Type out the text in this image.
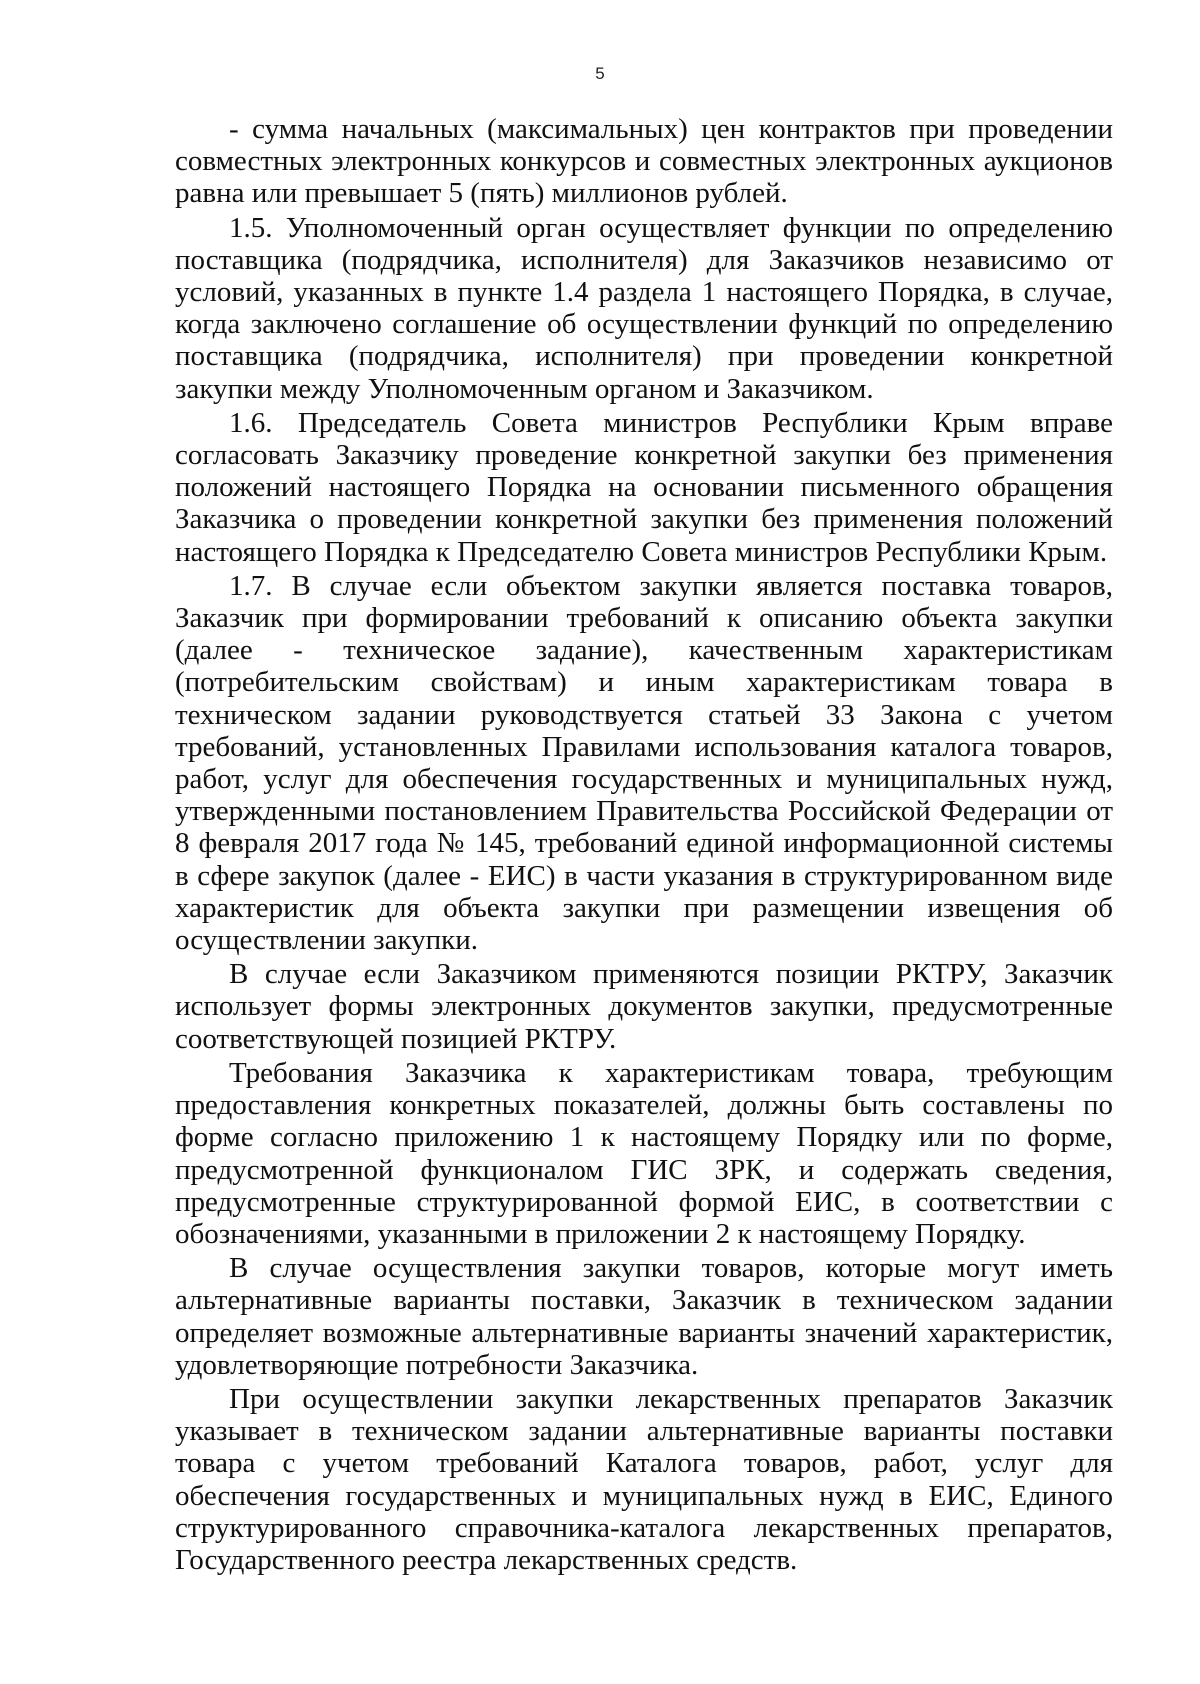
5

- сумма начальных (максимальных) цен контрактов при проведении совместных электронных конкурсов и совместных электронных аукционов равна или превышает 5 (пять) миллионов рублей.

1.5. Уполномоченный орган осуществляет функции по определению поставщика (подрядчика, исполнителя) для Заказчиков независимо от условий, указанных в пункте 1.4 раздела 1 настоящего Порядка, в случае, когда заключено соглашение об осуществлении функций по определению поставщика (подрядчика, исполнителя) при проведении конкретной закупки между Уполномоченным органом и Заказчиком.

1.6. Председатель Совета министров Республики Крым вправе согласовать Заказчику проведение конкретной закупки без применения положений настоящего Порядка на основании письменного обращения Заказчика о проведении конкретной закупки без применения положений настоящего Порядка к Председателю Совета министров Республики Крым.

1.7. В случае если объектом закупки является поставка товаров, Заказчик при формировании требований к описанию объекта закупки (далее - техническое задание), качественным характеристикам (потребительским свойствам) и иным характеристикам товара в техническом задании руководствуется статьей 33 Закона с учетом требований, установленных Правилами использования каталога товаров, работ, услуг для обеспечения государственных и муниципальных нужд, утвержденными постановлением Правительства Российской Федерации от 8 февраля 2017 года № 145, требований единой информационной системы в сфере закупок (далее - ЕИС) в части указания в структурированном виде характеристик для объекта закупки при размещении извещения об осуществлении закупки.

В случае если Заказчиком применяются позиции РКТРУ, Заказчик использует формы электронных документов закупки, предусмотренные соответствующей позицией РКТРУ.

Требования Заказчика к характеристикам товара, требующим предоставления конкретных показателей, должны быть составлены по форме согласно приложению 1 к настоящему Порядку или по форме, предусмотренной функционалом ГИС ЗРК, и содержать сведения, предусмотренные структурированной формой ЕИС, в соответствии с обозначениями, указанными в приложении 2 к настоящему Порядку.

В случае осуществления закупки товаров, которые могут иметь альтернативные варианты поставки, Заказчик в техническом задании определяет возможные альтернативные варианты значений характеристик, удовлетворяющие потребности Заказчика.

При осуществлении закупки лекарственных препаратов Заказчик указывает в техническом задании альтернативные варианты поставки товара с учетом требований Каталога товаров, работ, услуг для обеспечения государственных и муниципальных нужд в ЕИС, Единого структурированного справочника-каталога лекарственных препаратов, Государственного реестра лекарственных средств.
